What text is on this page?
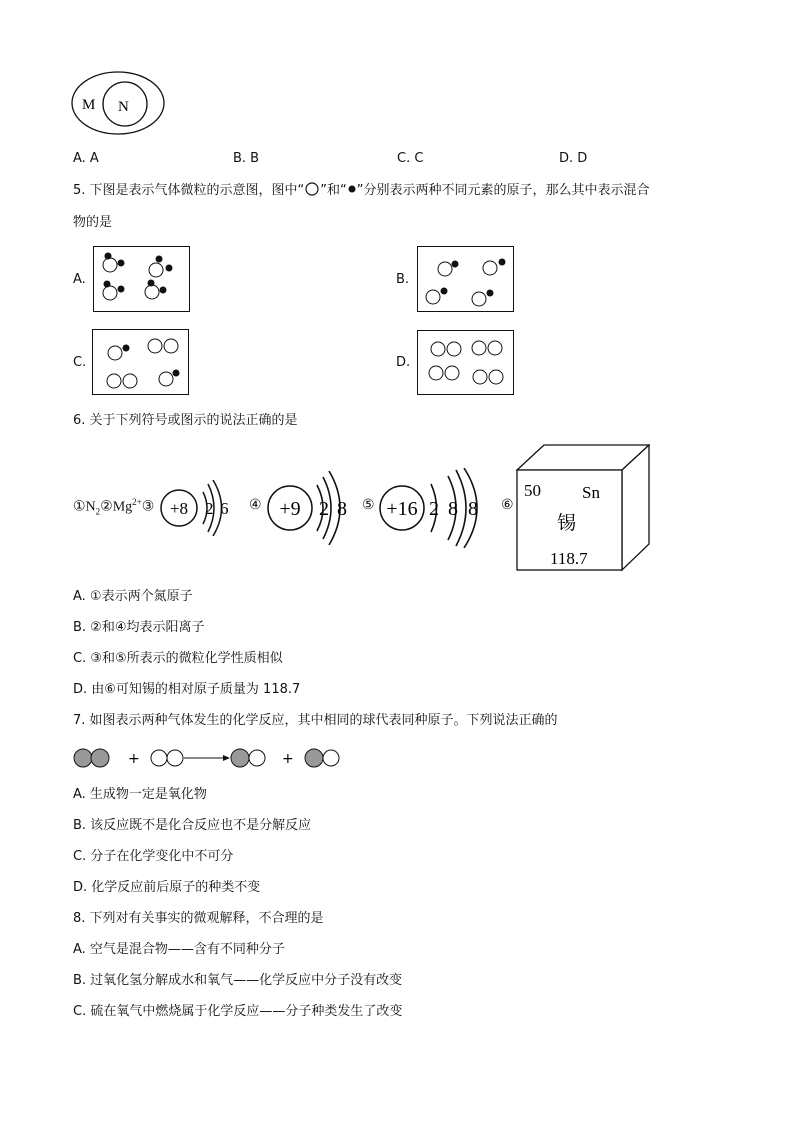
M N
A. A	B. B	C. C	D. D
5. 下图是表示气体微粒的示意图，图中“ ”和“ ”分别表示两种不同元素的原子，那么其中表示混合
物的是
A.	B.
C.	D.
6. 关于下列符号或图示的说法正确的是
$①N_2②Mg^{2+}③ +8$ 2 6 ④ +9 2 8 ⑤ +16 2 8 8 ⑥
50 Sn
锡
118.7
A. ①表示两个氮原子
B. ②和④均表示阳离子
C. ③和⑤所表示的微粒化学性质相似
D. 由⑥可知锡的相对原子质量为 118.7
7. 如图表示两种气体发生的化学反应，其中相同的球代表同种原子。下列说法正确的
+	+
A. 生成物一定是氧化物
B. 该反应既不是化合反应也不是分解反应
C. 分子在化学变化中不可分
D. 化学反应前后原子的种类不变
8. 下列对有关事实的微观解释，不合理的是
A. 空气是混合物——含有不同种分子
B. 过氧化氢分解成水和氧气——化学反应中分子没有改变
C. 硫在氧气中燃烧属于化学反应——分子种类发生了改变
